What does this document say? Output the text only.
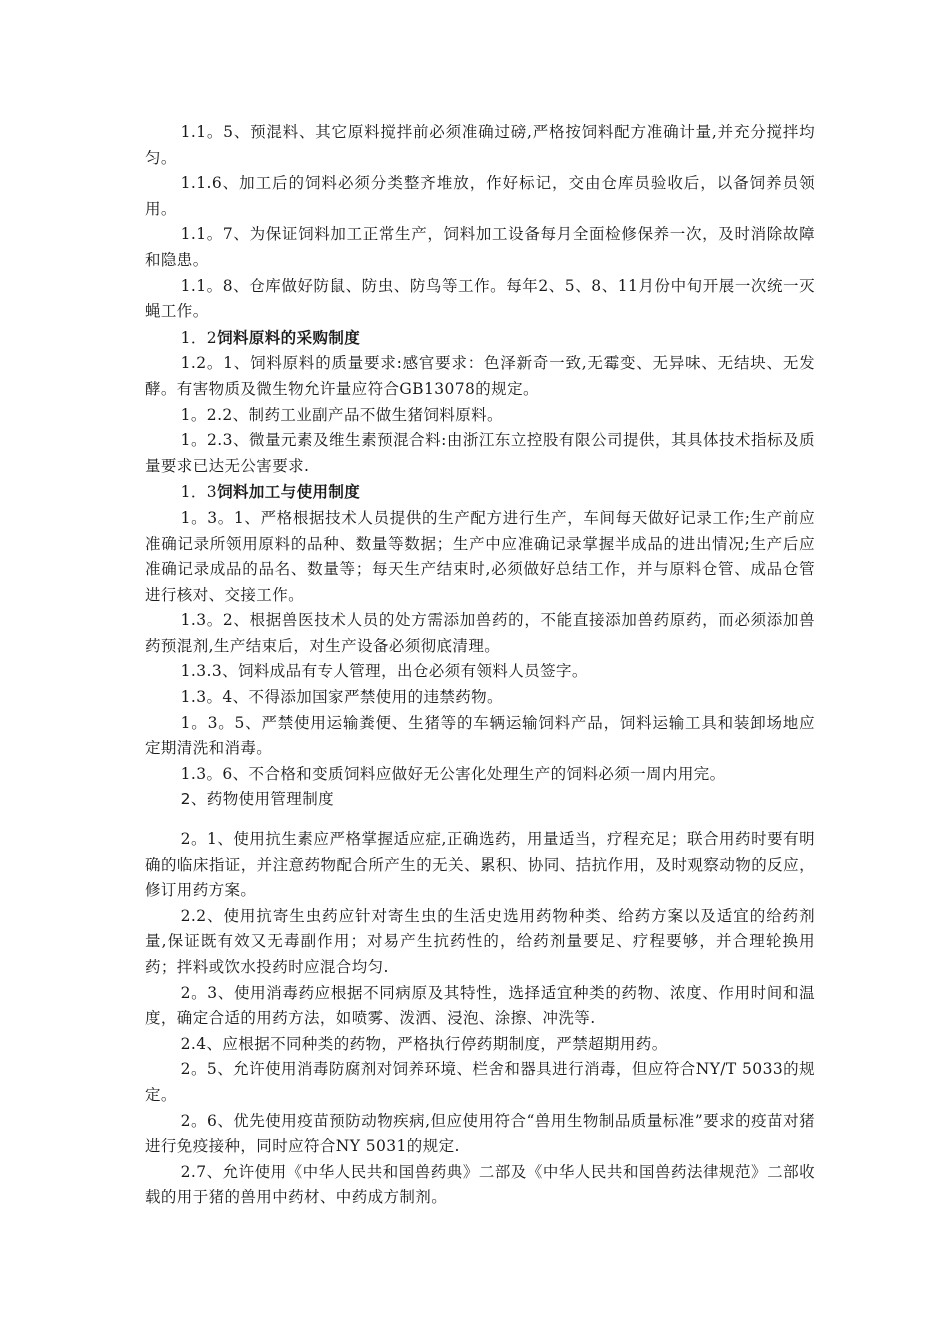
1.1。5、预混料、其它原料搅拌前必须准确过磅,严格按饲料配方准确计量,并充分搅拌均匀。

1.1.6、加工后的饲料必须分类整齐堆放，作好标记，交由仓库员验收后，以备饲养员领用。

1.1。7、为保证饲料加工正常生产，饲料加工设备每月全面检修保养一次，及时消除故障和隐患。

1.1。8、仓库做好防鼠、防虫、防鸟等工作。每年2、5、8、11月份中旬开展一次统一灭蝇工作。

1．2饲料原料的采购制度

1.2。1、饲料原料的质量要求:感官要求：色泽新奇一致,无霉变、无异味、无结块、无发酵。有害物质及微生物允许量应符合GB13078的规定。

1。2.2、制药工业副产品不做生猪饲料原料。

1。2.3、微量元素及维生素预混合料:由浙江东立控股有限公司提供，其具体技术指标及质量要求已达无公害要求.

1．3饲料加工与使用制度

1。3。1、严格根据技术人员提供的生产配方进行生产，车间每天做好记录工作;生产前应准确记录所领用原料的品种、数量等数据；生产中应准确记录掌握半成品的进出情况;生产后应准确记录成品的品名、数量等；每天生产结束时,必须做好总结工作，并与原料仓管、成品仓管进行核对、交接工作。

1.3。2、根据兽医技术人员的处方需添加兽药的，不能直接添加兽药原药，而必须添加兽药预混剂,生产结束后，对生产设备必须彻底清理。

1.3.3、饲料成品有专人管理，出仓必须有领料人员签字。

1.3。4、不得添加国家严禁使用的违禁药物。

1。3。5、严禁使用运输粪便、生猪等的车辆运输饲料产品，饲料运输工具和装卸场地应定期清洗和消毒。

1.3。6、不合格和变质饲料应做好无公害化处理生产的饲料必须一周内用完。

2、药物使用管理制度

2。1、使用抗生素应严格掌握适应症,正确选药，用量适当，疗程充足；联合用药时要有明确的临床指证，并注意药物配合所产生的无关、累积、协同、拮抗作用，及时观察动物的反应，修订用药方案。

2.2、使用抗寄生虫药应针对寄生虫的生活史选用药物种类、给药方案以及适宜的给药剂量,保证既有效又无毒副作用；对易产生抗药性的，给药剂量要足、疗程要够，并合理轮换用药；拌料或饮水投药时应混合均匀.

2。3、使用消毒药应根据不同病原及其特性，选择适宜种类的药物、浓度、作用时间和温度，确定合适的用药方法，如喷雾、泼洒、浸泡、涂擦、冲洗等.

2.4、应根据不同种类的药物，严格执行停药期制度，严禁超期用药。

2。5、允许使用消毒防腐剂对饲养环境、栏舍和器具进行消毒，但应符合NY/T 5033的规定。

2。6、优先使用疫苗预防动物疾病,但应使用符合“兽用生物制品质量标准”要求的疫苗对猪进行免疫接种，同时应符合NY 5031的规定.

2.7、允许使用《中华人民共和国兽药典》二部及《中华人民共和国兽药法律规范》二部收载的用于猪的兽用中药材、中药成方制剂。
